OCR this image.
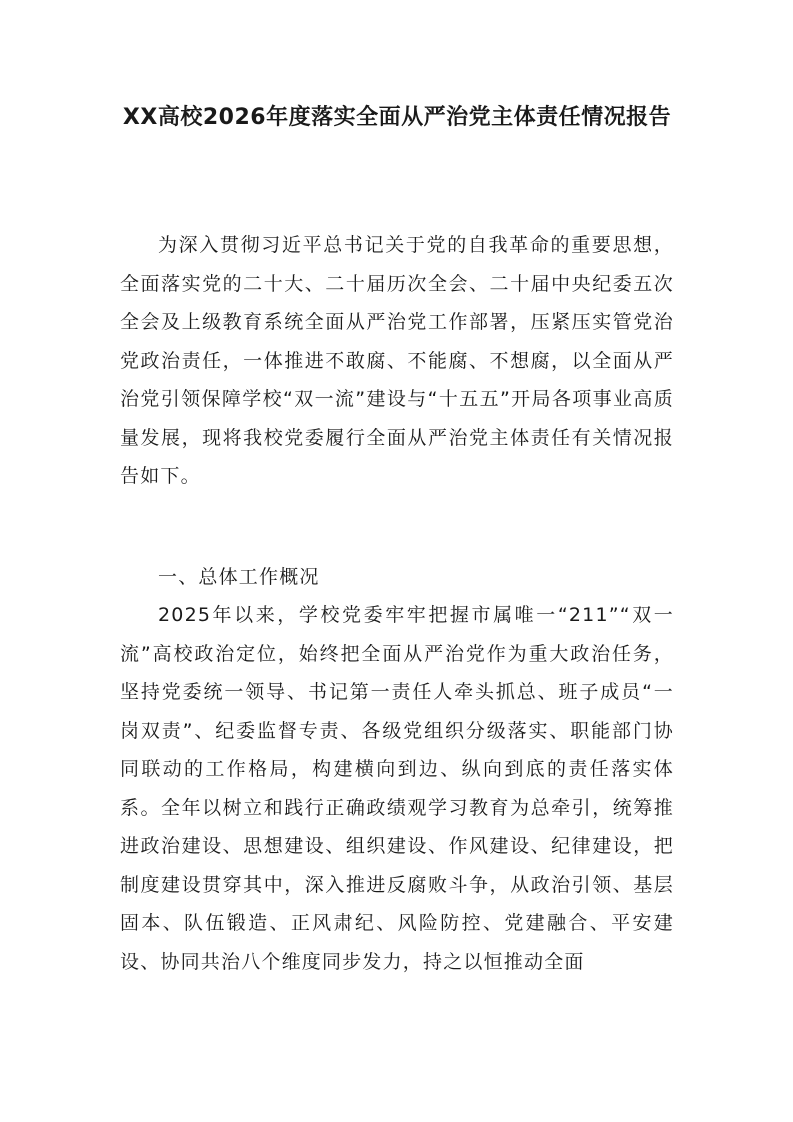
XX高校2026年度落实全面从严治党主体责任情况报告

为深入贯彻习近平总书记关于党的自我革命的重要思想，全面落实党的二十大、二十届历次全会、二十届中央纪委五次全会及上级教育系统全面从严治党工作部署，压紧压实管党治党政治责任，一体推进不敢腐、不能腐、不想腐，以全面从严治党引领保障学校“双一流”建设与“十五五”开局各项事业高质量发展，现将我校党委履行全面从严治党主体责任有关情况报告如下。

一、总体工作概况

2025年以来，学校党委牢牢把握市属唯一“211”“双一流”高校政治定位，始终把全面从严治党作为重大政治任务，坚持党委统一领导、书记第一责任人牵头抓总、班子成员“一岗双责”、纪委监督专责、各级党组织分级落实、职能部门协同联动的工作格局，构建横向到边、纵向到底的责任落实体系。全年以树立和践行正确政绩观学习教育为总牵引，统筹推进政治建设、思想建设、组织建设、作风建设、纪律建设，把制度建设贯穿其中，深入推进反腐败斗争，从政治引领、基层固本、队伍锻造、正风肃纪、风险防控、党建融合、平安建设、协同共治八个维度同步发力，持之以恒推动全面
